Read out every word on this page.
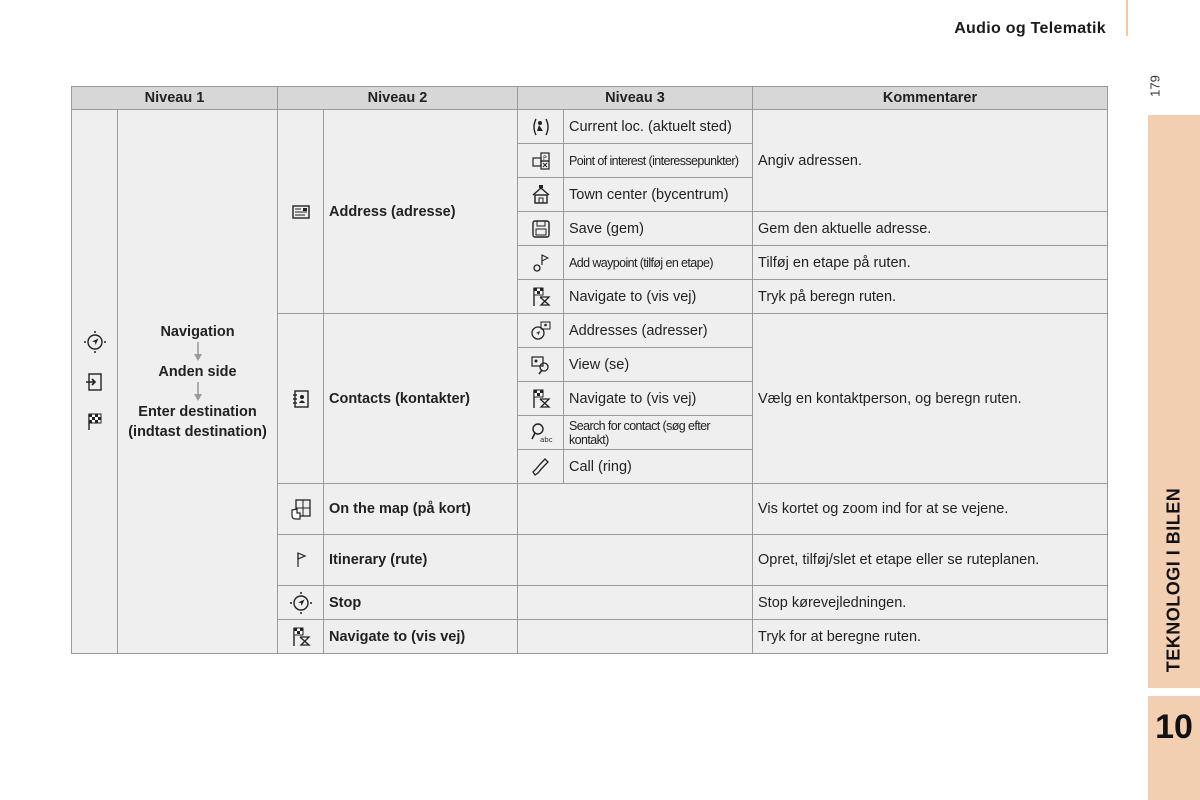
Audio og Telematik
179
TEKNOLOGI I BILEN
10
Niveau 1		Niveau 2		Niveau 3		Kommentarer

Navigation
Anden side
Enter destination
(indtast destination)		Address (adresse)		Current loc. (aktuelt sted)	Angiv adressen.

P	Point of interest (interessepunkter)	

	Town center (bycentrum)	

	Save (gem)	Gem den aktuelle adresse.

	Add waypoint (tilføj en etape)	Tilføj en etape på ruten.

	Navigate to (vis vej)	Tryk på beregn ruten.

	Contacts (kontakter)		Addresses (adresser)	Vælg en kontaktperson, og beregn ruten.

	View (se)	

	Navigate to (vis vej)	

abc	Search for contact (søg efter kontakt)	

	Call (ring)	

	On the map (på kort)			Vis kortet og zoom ind for at se vejene.

	Itinerary (rute)			Opret, tilføj/slet et etape eller se ruteplanen.

	Stop			Stop kørevejledningen.

	Navigate to (vis vej)			Tryk for at beregne ruten.
